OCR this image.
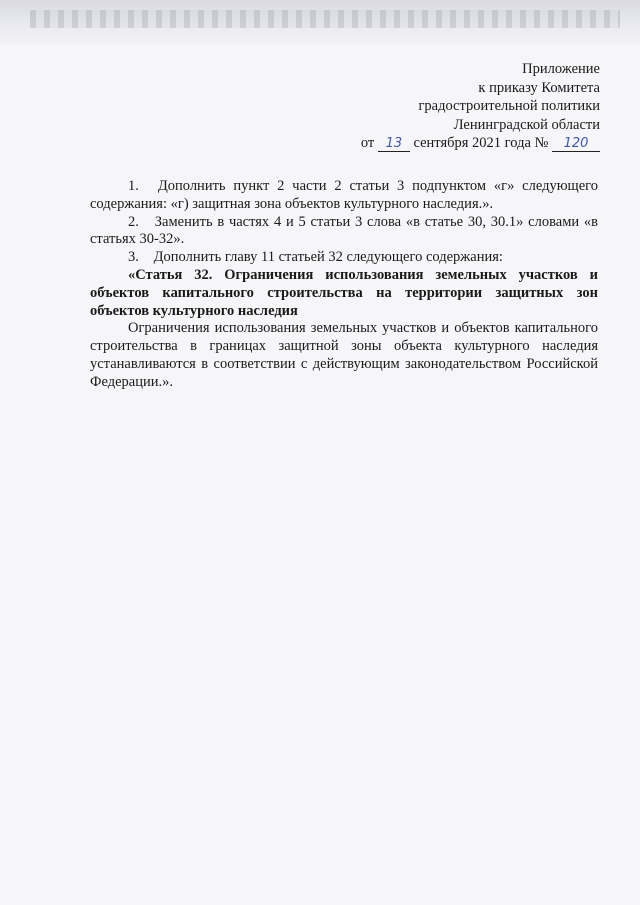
Приложение
к приказу Комитета
градостроительной политики
Ленинградской области
от 13 сентября 2021 года № 120

1. Дополнить пункт 2 части 2 статьи 3 подпунктом «г» следующего содержания: «г) защитная зона объектов культурного наследия.».

2. Заменить в частях 4 и 5 статьи 3 слова «в статье 30, 30.1» словами «в статьях 30-32».

3. Дополнить главу 11 статьей 32 следующего содержания:

«Статья 32. Ограничения использования земельных участков и объектов капитального строительства на территории защитных зон объектов культурного наследия

Ограничения использования земельных участков и объектов капитального строительства в границах защитной зоны объекта культурного наследия устанавливаются в соответствии с действующим законодательством Российской Федерации.».
